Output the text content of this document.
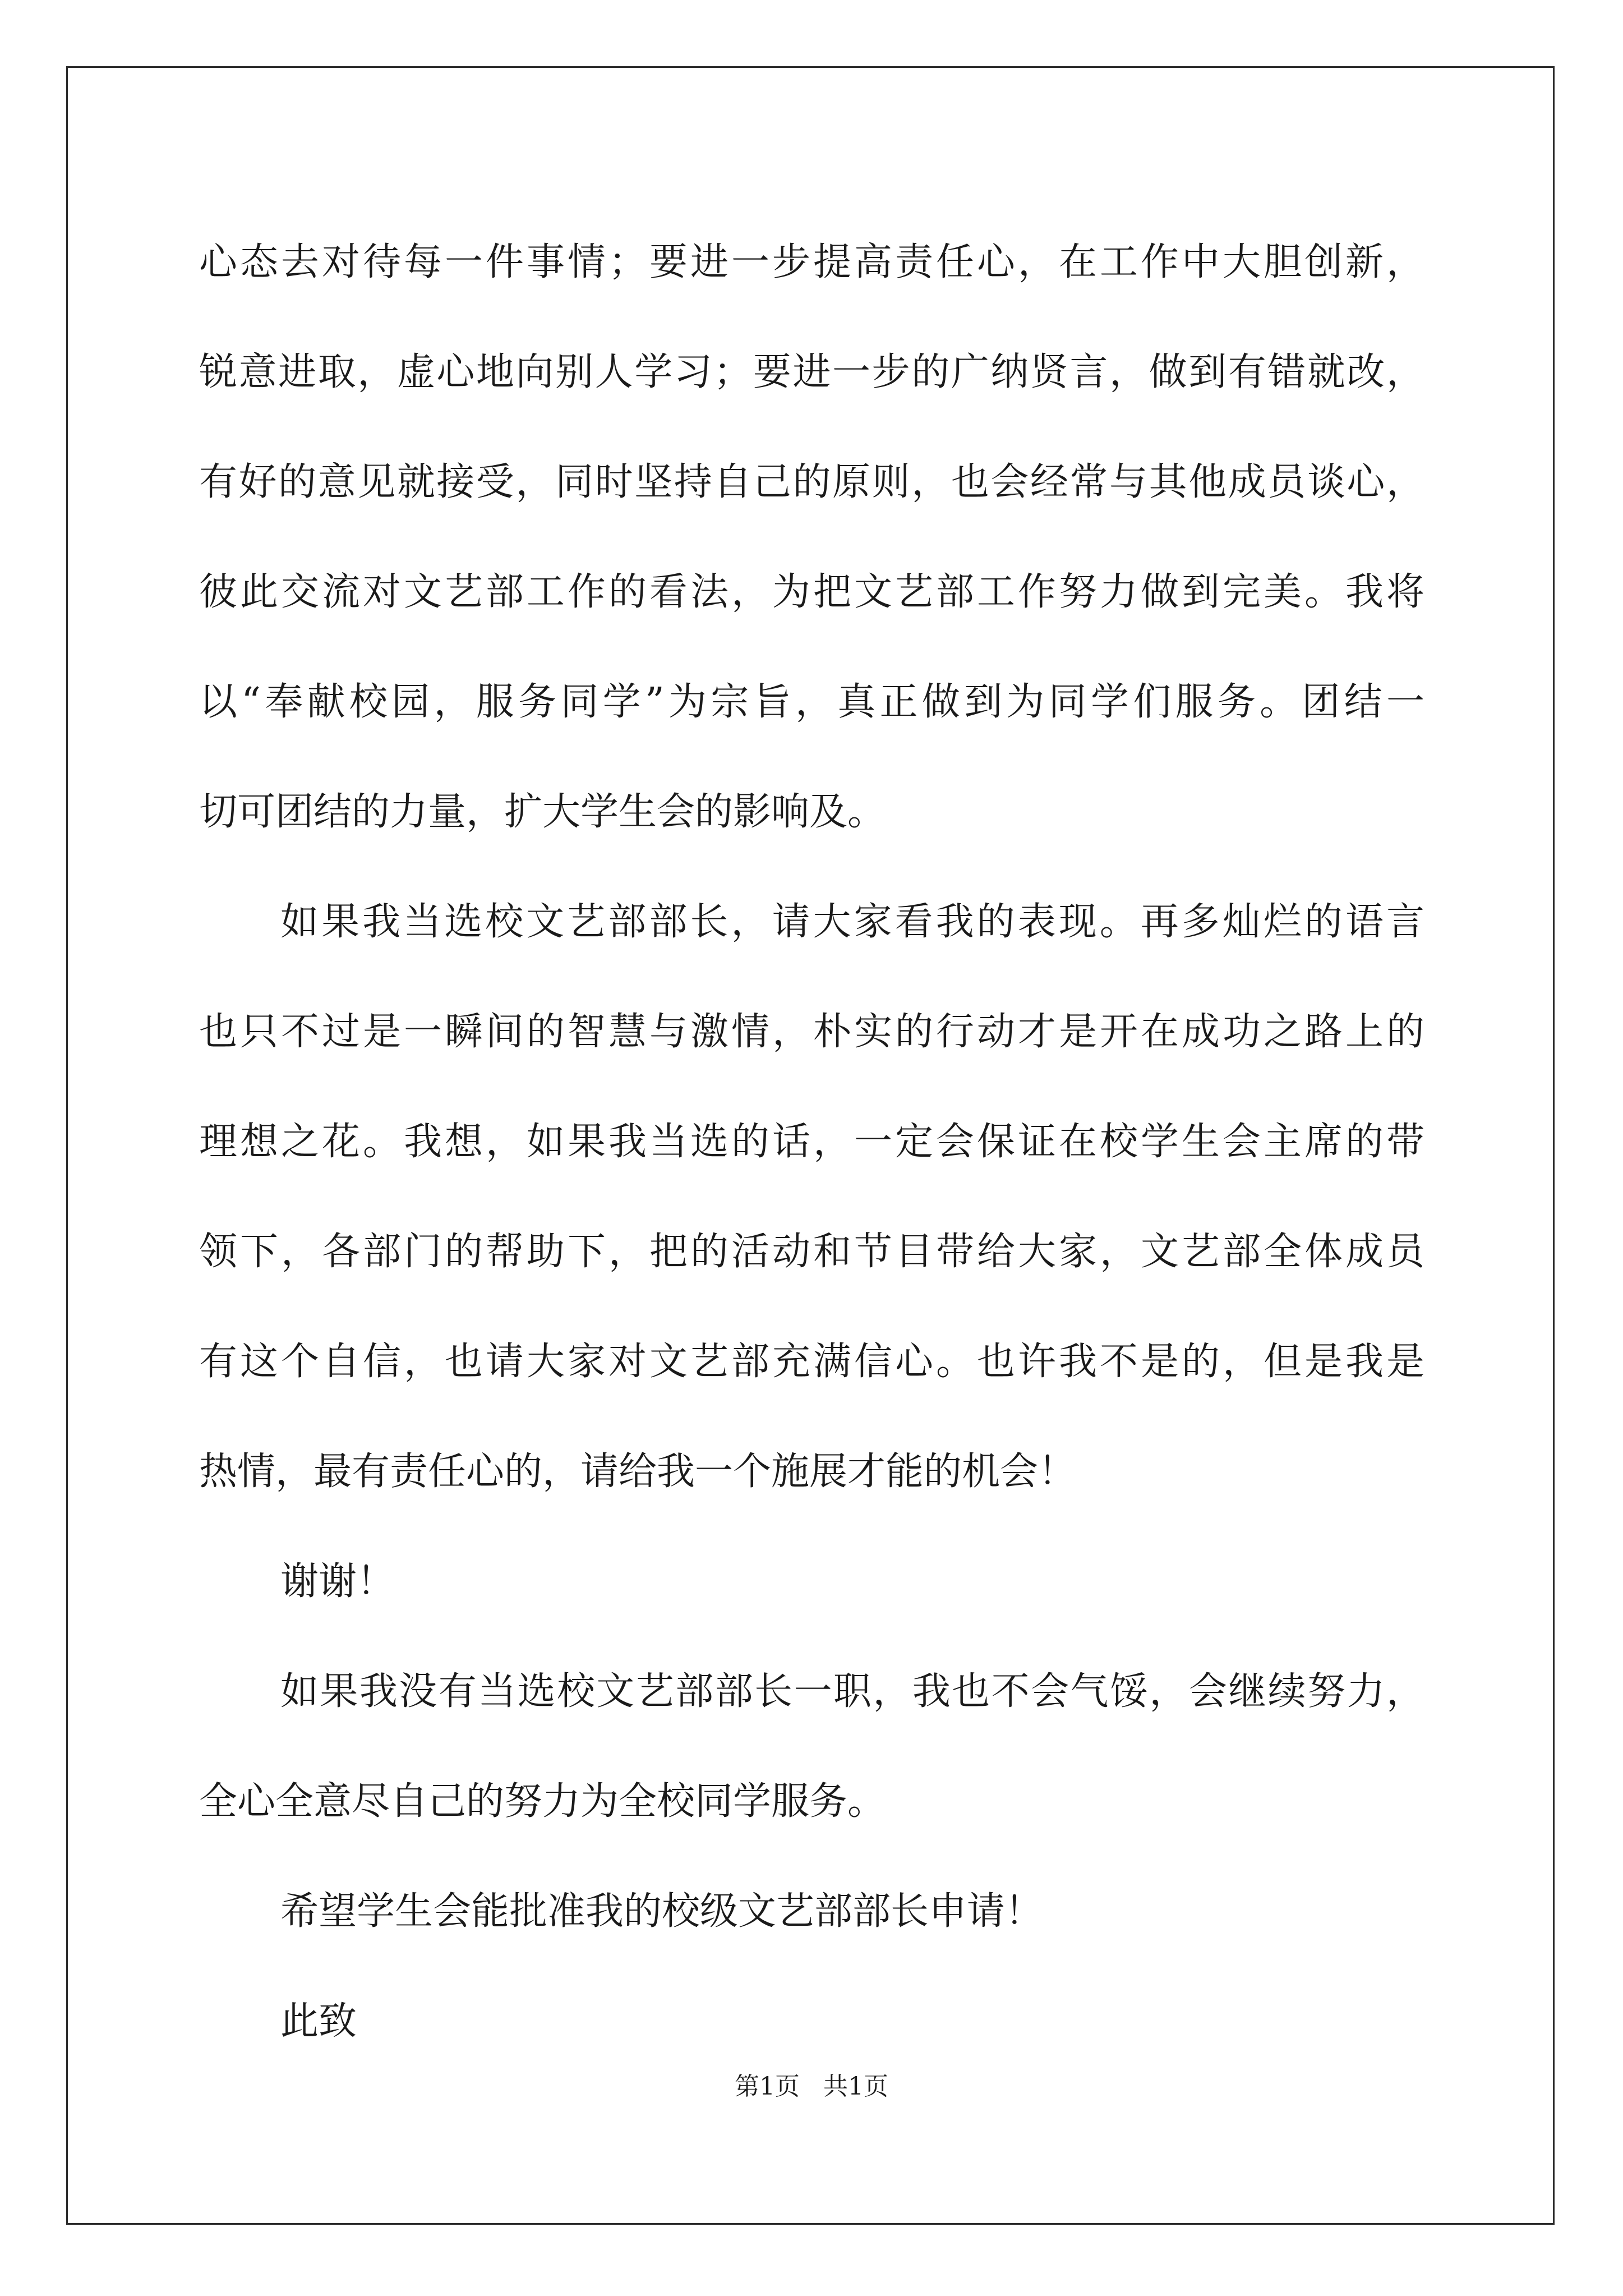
心态去对待每一件事情；要进一步提高责任心，在工作中大胆创新，
锐意进取，虚心地向别人学习；要进一步的广纳贤言，做到有错就改，
有好的意见就接受，同时坚持自己的原则，也会经常与其他成员谈心，
彼此交流对文艺部工作的看法，为把文艺部工作努力做到完美。我将
以“奉献校园，服务同学”为宗旨，真正做到为同学们服务。团结一
切可团结的力量，扩大学生会的影响及。
如果我当选校文艺部部长，请大家看我的表现。再多灿烂的语言
也只不过是一瞬间的智慧与激情，朴实的行动才是开在成功之路上的
理想之花。我想，如果我当选的话，一定会保证在校学生会主席的带
领下，各部门的帮助下，把的活动和节目带给大家，文艺部全体成员
有这个自信，也请大家对文艺部充满信心。也许我不是的，但是我是
热情，最有责任心的，请给我一个施展才能的机会！
谢谢！
如果我没有当选校文艺部部长一职，我也不会气馁，会继续努力，
全心全意尽自己的努力为全校同学服务。
希望学生会能批准我的校级文艺部部长申请！
此致
第1页 共1页
